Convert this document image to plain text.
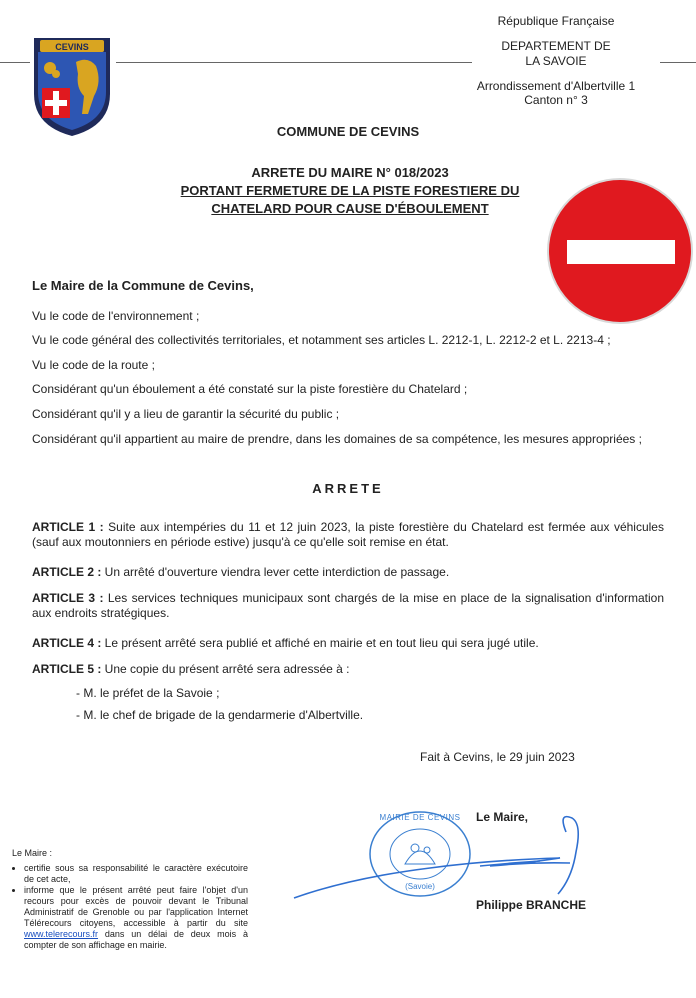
CEVINS
République Française
DEPARTEMENT DE
LA SAVOIE
Arrondissement d'Albertville 1
Canton n° 3
COMMUNE DE CEVINS
ARRETE DU MAIRE N° 018/2023
PORTANT FERMETURE DE LA PISTE FORESTIERE DU
CHATELARD POUR CAUSE D'ÉBOULEMENT
Le Maire de la Commune de Cevins,
Vu le code de l'environnement ;
Vu le code général des collectivités territoriales, et notamment ses articles L. 2212-1, L. 2212-2 et L. 2213-4 ;
Vu le code de la route ;
Considérant qu'un éboulement a été constaté sur la piste forestière du Chatelard ;
Considérant qu'il y a lieu de garantir la sécurité du public ;
Considérant qu'il appartient au maire de prendre, dans les domaines de sa compétence, les mesures appropriées ;
ARRETE
ARTICLE 1 : Suite aux intempéries du 11 et 12 juin 2023, la piste forestière du Chatelard est fermée aux véhicules (sauf aux moutonniers en période estive) jusqu'à ce qu'elle soit remise en état.
ARTICLE 2 : Un arrêté d'ouverture viendra lever cette interdiction de passage.
ARTICLE 3 : Les services techniques municipaux sont chargés de la mise en place de la signalisation d'information aux endroits stratégiques.
ARTICLE 4 : Le présent arrêté sera publié et affiché en mairie et en tout lieu qui sera jugé utile.
ARTICLE 5 : Une copie du présent arrêté sera adressée à :
- M. le préfet de la Savoie ;
- M. le chef de brigade de la gendarmerie d'Albertville.
Fait à Cevins, le 29 juin 2023
Le Maire,
MAIRIE DE CEVINS
(Savoie)
Philippe BRANCHE
Le Maire :
• certifie sous sa responsabilité le caractère exécutoire de cet acte,
• informe que le présent arrêté peut faire l'objet d'un recours pour excès de pouvoir devant le Tribunal Administratif de Grenoble ou par l'application Internet Télérecours citoyens, accessible à partir du site www.telerecours.fr dans un délai de deux mois à compter de son affichage en mairie.
